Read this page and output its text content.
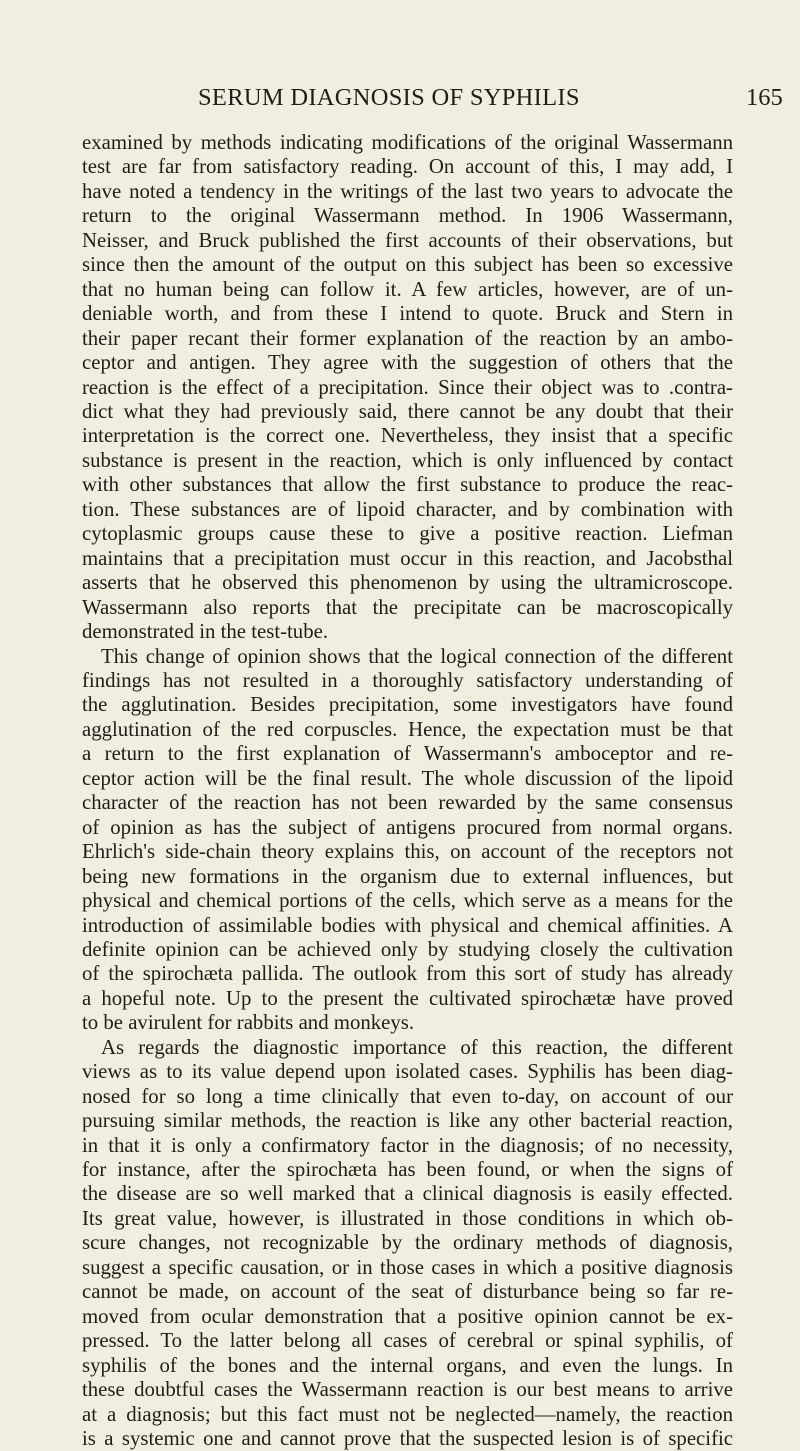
SERUM DIAGNOSIS OF SYPHILIS	165
examined by methods indicating modifications of the original Wassermann
test are far from satisfactory reading. On account of this, I may add, I
have noted a tendency in the writings of the last two years to advocate the
return to the original Wassermann method. In 1906 Wassermann,
Neisser, and Bruck published the first accounts of their observations, but
since then the amount of the output on this subject has been so excessive
that no human being can follow it. A few articles, however, are of un-
deniable worth, and from these I intend to quote. Bruck and Stern in
their paper recant their former explanation of the reaction by an ambo-
ceptor and antigen. They agree with the suggestion of others that the
reaction is the effect of a precipitation. Since their object was to .contra-
dict what they had previously said, there cannot be any doubt that their
interpretation is the correct one. Nevertheless, they insist that a specific
substance is present in the reaction, which is only influenced by contact
with other substances that allow the first substance to produce the reac-
tion. These substances are of lipoid character, and by combination with
cytoplasmic groups cause these to give a positive reaction. Liefman
maintains that a precipitation must occur in this reaction, and Jacobsthal
asserts that he observed this phenomenon by using the ultramicroscope.
Wassermann also reports that the precipitate can be macroscopically
demonstrated in the test-tube.
This change of opinion shows that the logical connection of the different
findings has not resulted in a thoroughly satisfactory understanding of
the agglutination. Besides precipitation, some investigators have found
agglutination of the red corpuscles. Hence, the expectation must be that
a return to the first explanation of Wassermann's amboceptor and re-
ceptor action will be the final result. The whole discussion of the lipoid
character of the reaction has not been rewarded by the same consensus
of opinion as has the subject of antigens procured from normal organs.
Ehrlich's side-chain theory explains this, on account of the receptors not
being new formations in the organism due to external influences, but
physical and chemical portions of the cells, which serve as a means for the
introduction of assimilable bodies with physical and chemical affinities. A
definite opinion can be achieved only by studying closely the cultivation
of the spirochæta pallida. The outlook from this sort of study has already
a hopeful note. Up to the present the cultivated spirochætæ have proved
to be avirulent for rabbits and monkeys.
As regards the diagnostic importance of this reaction, the different
views as to its value depend upon isolated cases. Syphilis has been diag-
nosed for so long a time clinically that even to-day, on account of our
pursuing similar methods, the reaction is like any other bacterial reaction,
in that it is only a confirmatory factor in the diagnosis; of no necessity,
for instance, after the spirochæta has been found, or when the signs of
the disease are so well marked that a clinical diagnosis is easily effected.
Its great value, however, is illustrated in those conditions in which ob-
scure changes, not recognizable by the ordinary methods of diagnosis,
suggest a specific causation, or in those cases in which a positive diagnosis
cannot be made, on account of the seat of disturbance being so far re-
moved from ocular demonstration that a positive opinion cannot be ex-
pressed. To the latter belong all cases of cerebral or spinal syphilis, of
syphilis of the bones and the internal organs, and even the lungs. In
these doubtful cases the Wassermann reaction is our best means to arrive
at a diagnosis; but this fact must not be neglected—namely, the reaction
is a systemic one and cannot prove that the suspected lesion is of specific
